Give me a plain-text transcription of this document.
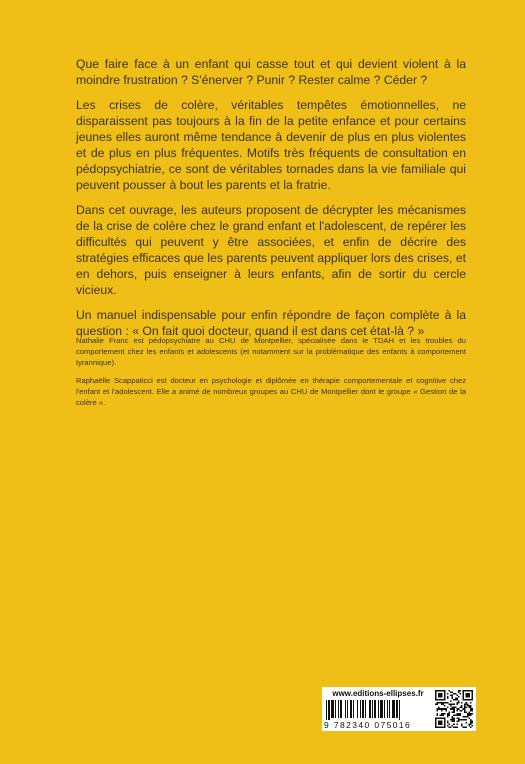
Que faire face à un enfant qui casse tout et qui devient violent à la moindre frustration ? S'énerver ? Punir ? Rester calme ? Céder ?

Les crises de colère, véritables tempêtes émotionnelles, ne disparaissent pas toujours à la fin de la petite enfance et pour certains jeunes elles auront même tendance à devenir de plus en plus violentes et de plus en plus fréquentes. Motifs très fréquents de consultation en pédopsychiatrie, ce sont de véritables tornades dans la vie familiale qui peuvent pousser à bout les parents et la fratrie.

Dans cet ouvrage, les auteurs proposent de décrypter les mécanismes de la crise de colère chez le grand enfant et l'adolescent, de repérer les difficultés qui peuvent y être associées, et enfin de décrire des stratégies efficaces que les parents peuvent appliquer lors des crises, et en dehors, puis enseigner à leurs enfants, afin de sortir du cercle vicieux.

Un manuel indispensable pour enfin répondre de façon complète à la question : « On fait quoi docteur, quand il est dans cet état-là ? »

Nathalie Franc est pédopsychiatre au CHU de Montpellier, spécialisée dans le TDAH et les troubles du comportement chez les enfants et adolescents (et notamment sur la problématique des enfants à comportement tyrannique).

Raphaëlle Scappaticci est docteur en psychologie et diplômée en thérapie comportementale et cognitive chez l'enfant et l'adolescent. Elle a animé de nombreux groupes au CHU de Montpellier dont le groupe « Gestion de la colère ».

www.editions-ellipses.fr
9 782340 075016
